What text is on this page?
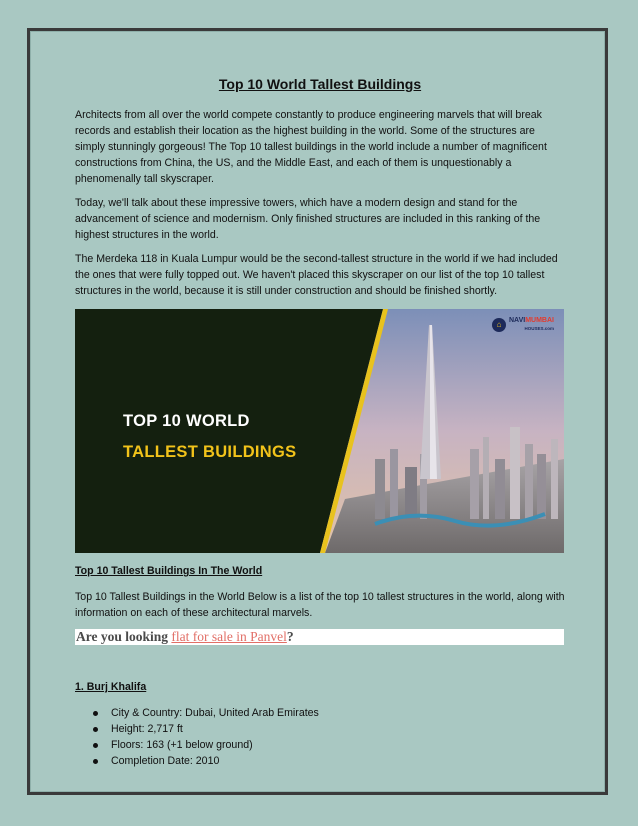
Top 10 World Tallest Buildings

Architects from all over the world compete constantly to produce engineering marvels that will break records and establish their location as the highest building in the world. Some of the structures are simply stunningly gorgeous! The Top 10 tallest buildings in the world include a number of magnificent constructions from China, the US, and the Middle East, and each of them is unquestionably a phenomenally tall skyscraper.

Today, we'll talk about these impressive towers, which have a modern design and stand for the advancement of science and modernism. Only finished structures are included in this ranking of the highest structures in the world.

The Merdeka 118 in Kuala Lumpur would be the second-tallest structure in the world if we had included the ones that were fully topped out. We haven't placed this skyscraper on our list of the top 10 tallest structures in the world, because it is still under construction and should be finished shortly.

⌂	NAVIMUMBAI
HOUSES.com
TOP 10 WORLD
TALLEST BUILDINGS
Top 10 Tallest Buildings In The World

Top 10 Tallest Buildings in the World Below is a list of the top 10 tallest structures in the world, along with information on each of these architectural marvels.

Are you looking flat for sale in Panvel?
1. Burj Khalifa
City & Country: Dubai, United Arab Emirates
Height: 2,717 ft
Floors: 163 (+1 below ground)
Completion Date: 2010
